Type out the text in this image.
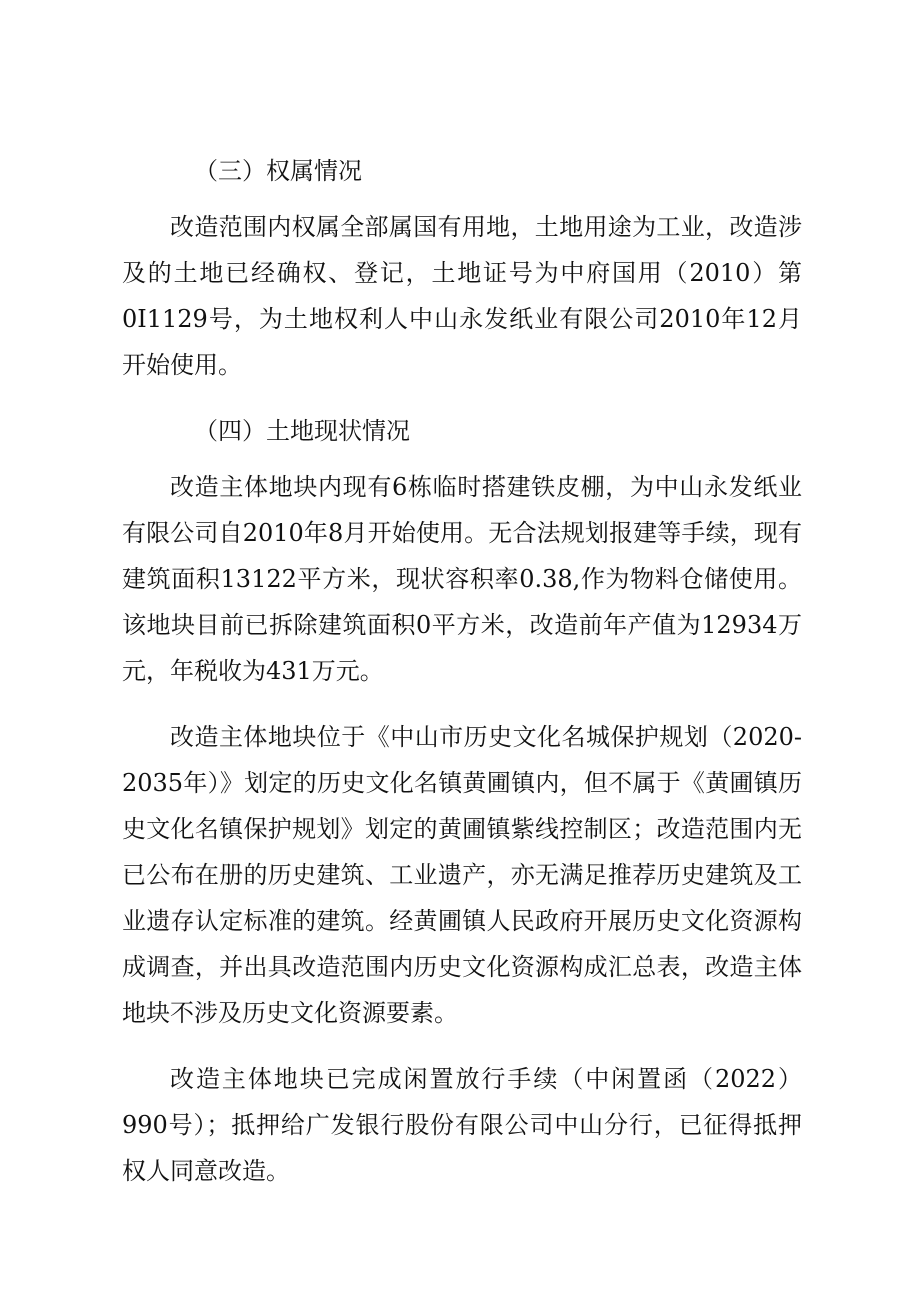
（三）权属情况

改造范围内权属全部属国有用地，土地用途为工业，改造涉及的土地已经确权、登记，土地证号为中府国用（2010）第0I1129号，为土地权利人中山永发纸业有限公司2010年12月开始使用。

（四）土地现状情况

改造主体地块内现有6栋临时搭建铁皮棚，为中山永发纸业有限公司自2010年8月开始使用。无合法规划报建等手续，现有建筑面积13122平方米，现状容积率0.38,作为物料仓储使用。该地块目前已拆除建筑面积0平方米，改造前年产值为12934万元，年税收为431万元。

改造主体地块位于《中山市历史文化名城保护规划（2020-2035年）》划定的历史文化名镇黄圃镇内，但不属于《黄圃镇历史文化名镇保护规划》划定的黄圃镇紫线控制区；改造范围内无已公布在册的历史建筑、工业遗产，亦无满足推荐历史建筑及工业遗存认定标准的建筑。经黄圃镇人民政府开展历史文化资源构成调查，并出具改造范围内历史文化资源构成汇总表，改造主体地块不涉及历史文化资源要素。

改造主体地块已完成闲置放行手续（中闲置函（2022）990号）；抵押给广发银行股份有限公司中山分行，已征得抵押权人同意改造。
